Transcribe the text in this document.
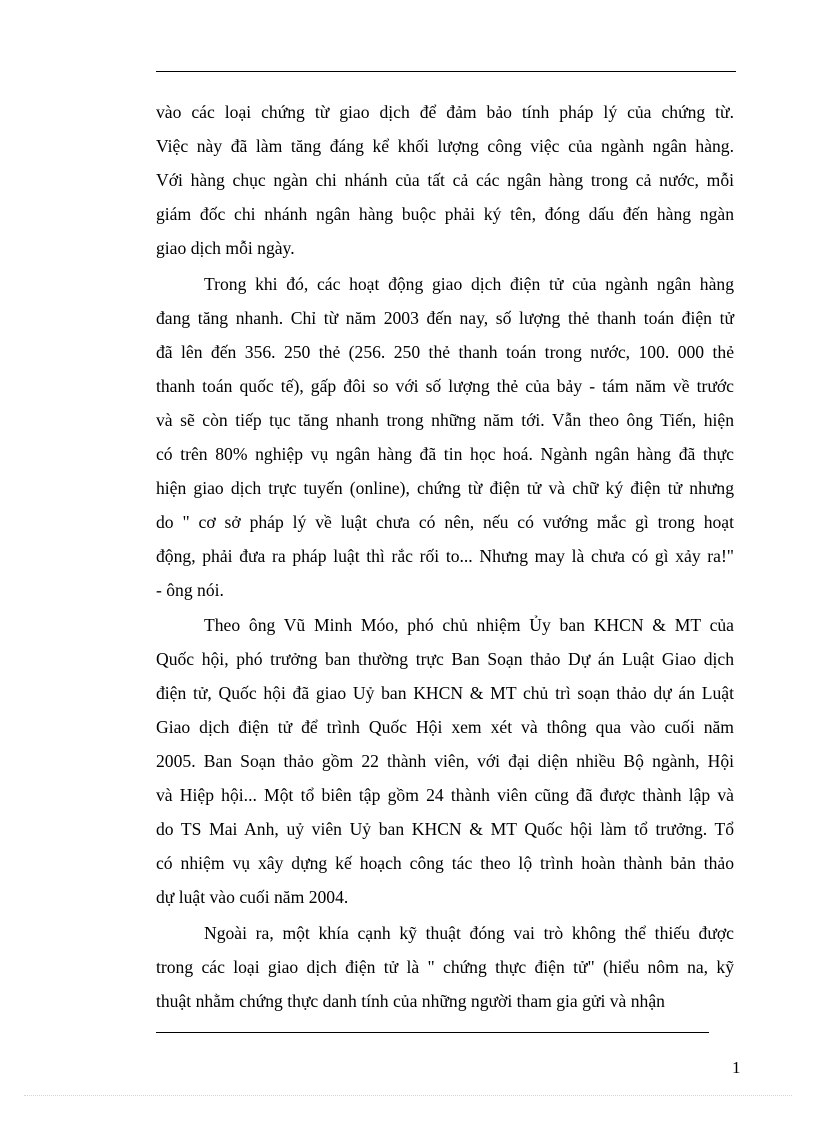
vào các loại chứng từ giao dịch để đảm bảo tính pháp lý của chứng từ.
Việc này đã làm tăng đáng kể khối lượng công việc của ngành ngân hàng.
Với hàng chục ngàn chi nhánh của tất cả các ngân hàng trong cả nước, mỗi
giám đốc chi nhánh ngân hàng buộc phải ký tên, đóng dấu đến hàng ngàn
giao dịch mỗi ngày.
Trong khi đó, các hoạt động giao dịch điện tử của ngành ngân hàng
đang tăng nhanh. Chỉ từ năm 2003 đến nay, số lượng thẻ thanh toán điện tử
đã lên đến 356. 250 thẻ (256. 250 thẻ thanh toán trong nước, 100. 000 thẻ
thanh toán quốc tế), gấp đôi so với số lượng thẻ của bảy - tám năm về trước
và sẽ còn tiếp tục tăng nhanh trong những năm tới. Vẫn theo ông Tiến, hiện
có trên 80% nghiệp vụ ngân hàng đã tin học hoá. Ngành ngân hàng đã thực
hiện giao dịch trực tuyến (online), chứng từ điện tử và chữ ký điện tử nhưng
do " cơ sở pháp lý về luật chưa có nên, nếu có vướng mắc gì trong hoạt
động, phải đưa ra pháp luật thì rắc rối to... Nhưng may là chưa có gì xảy ra!"
- ông nói.
Theo ông Vũ Minh Móo, phó chủ nhiệm Ủy ban KHCN & MT của
Quốc hội, phó trưởng ban thường trực Ban Soạn thảo Dự án Luật Giao dịch
điện tử, Quốc hội đã giao Uỷ ban KHCN & MT chủ trì soạn thảo dự án Luật
Giao dịch điện tử để trình Quốc Hội xem xét và thông qua vào cuối năm
2005. Ban Soạn thảo gồm 22 thành viên, với đại diện nhiều Bộ ngành, Hội
và Hiệp hội... Một tổ biên tập gồm 24 thành viên cũng đã được thành lập và
do TS Mai Anh, uỷ viên Uỷ ban KHCN & MT Quốc hội làm tổ trưởng. Tổ
có nhiệm vụ xây dựng kế hoạch công tác theo lộ trình hoàn thành bản thảo
dự luật vào cuối năm 2004.
Ngoài ra, một khía cạnh kỹ thuật đóng vai trò không thể thiếu được
trong các loại giao dịch điện tử là " chứng thực điện tử" (hiểu nôm na, kỹ
thuật nhằm chứng thực danh tính của những người tham gia gửi và nhận
1
